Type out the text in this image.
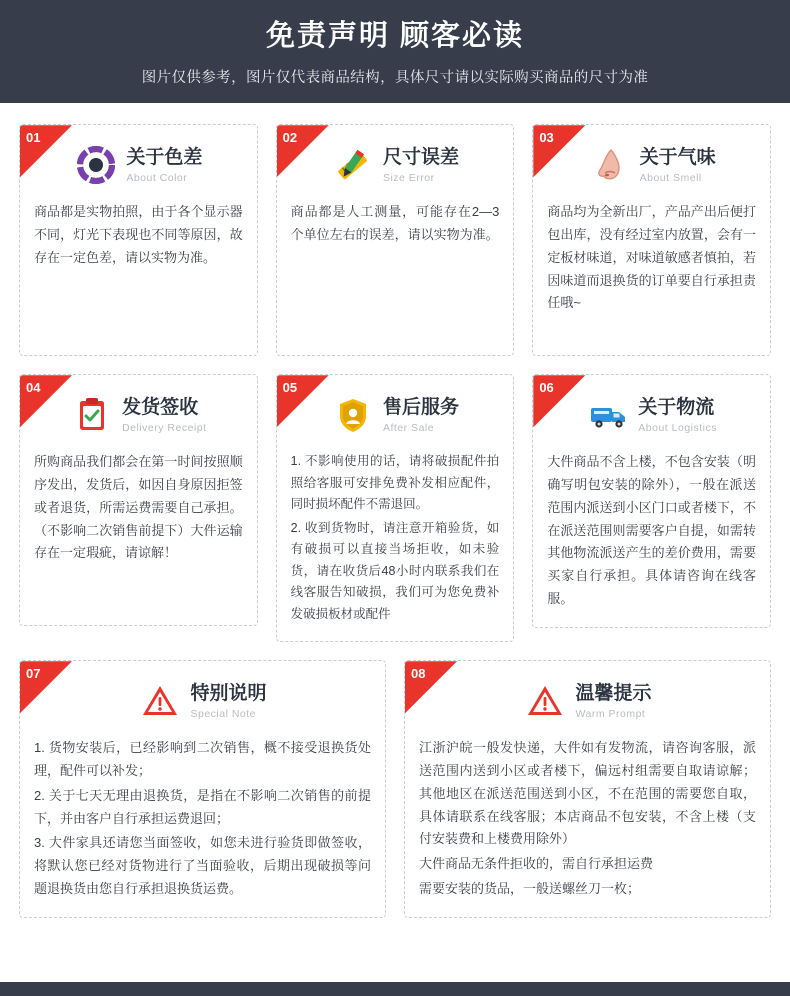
免责声明 顾客必读
图片仅供参考，图片仅代表商品结构，具体尺寸请以实际购买商品的尺寸为准
01
关于色差
About Color

商品都是实物拍照，由于各个显示器不同，灯光下表现也不同等原因，故存在一定色差，请以实物为准。

02
尺寸误差
Size Error

商品都是人工测量，可能存在2—3个单位左右的误差，请以实物为准。

03
关于气味
About Smell

商品均为全新出厂，产品产出后便打包出库，没有经过室内放置，会有一定板材味道，对味道敏感者慎拍，若因味道而退换货的订单要自行承担责任哦~

04
发货签收
Delivery Receipt

所购商品我们都会在第一时间按照顺序发出，发货后，如因自身原因拒签或者退货，所需运费需要自己承担。（不影响二次销售前提下）大件运输存在一定瑕疵，请谅解！

05
售后服务
After Sale

1. 不影响使用的话，请将破损配件拍照给客服可安排免费补发相应配件，同时损坏配件不需退回。

2. 收到货物时，请注意开箱验货，如有破损可以直接当场拒收，如未验货，请在收货后48小时内联系我们在线客服告知破损，我们可为您免费补发破损板材或配件

06
关于物流
About Logistics

大件商品不含上楼，不包含安装（明确写明包安装的除外），一般在派送范围内派送到小区门口或者楼下，不在派送范围则需要客户自提，如需转其他物流派送产生的差价费用，需要买家自行承担。具体请咨询在线客服。

07
特别说明
Special Note

1. 货物安装后，已经影响到二次销售，概不接受退换货处理，配件可以补发；

2. 关于七天无理由退换货，是指在不影响二次销售的前提下，并由客户自行承担运费退回；

3. 大件家具还请您当面签收，如您未进行验货即做签收，将默认您已经对货物进行了当面验收，后期出现破损等问题退换货由您自行承担退换货运费。

08
温馨提示
Warm Prompt

江浙沪皖一般发快递，大件如有发物流，请咨询客服，派送范围内送到小区或者楼下，偏远村组需要自取请谅解；其他地区在派送范围送到小区，不在范围的需要您自取，具体请联系在线客服；本店商品不包安装，不含上楼（支付安装费和上楼费用除外）

大件商品无条件拒收的，需自行承担运费

需要安装的货品，一般送螺丝刀一枚；
